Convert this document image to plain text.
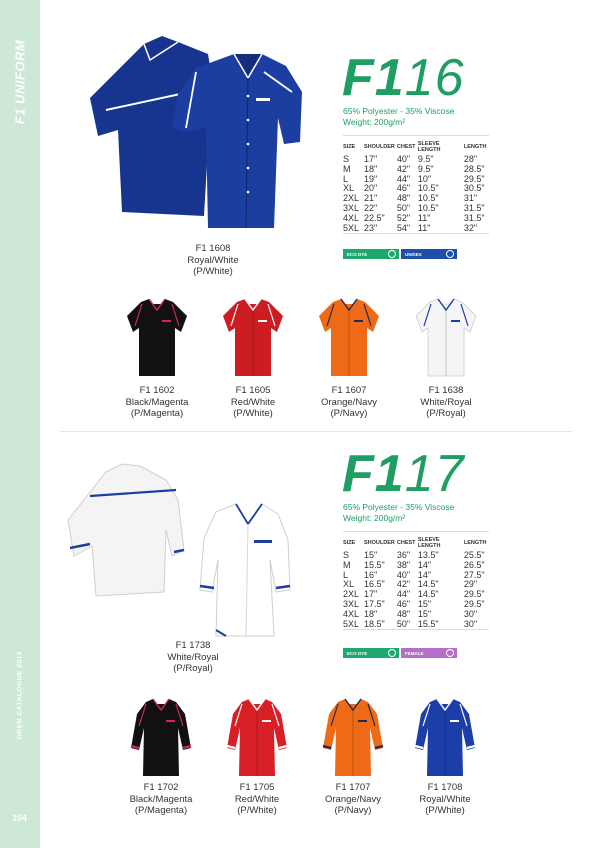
F1 UNIFORM
OREN CATALOGUE 2018
104
F116
65% Polyester - 35% Viscose
Weight: 200g/m²
SIZE	SHOULDER	CHEST	SLEEVE LENGTH	LENGTH
S	17"	40"	9.5"	28"
M	18"	42"	9.5"	28.5"
L	19"	44"	10"	29.5"
XL	20"	46"	10.5"	30.5"
2XL	21"	48"	10.5"	31"
3XL	22"	50"	10.5"	31.5"
4XL	22.5"	52"	11"	31.5"
5XL	23"	54"	11"	32"
ECO DYE	UNISEX
F1 1608
Royal/White
(P/White)
F1 1602
Black/Magenta
(P/Magenta)
F1 1605
Red/White
(P/White)
F1 1607
Orange/Navy
(P/Navy)
F1 1638
White/Royal
(P/Royal)
F117
65% Polyester - 35% Viscose
Weight: 200g/m²
SIZE	SHOULDER	CHEST	SLEEVE LENGTH	LENGTH
S	15"	36"	13.5"	25.5"
M	15.5"	38"	14"	26.5"
L	16"	40"	14"	27.5"
XL	16.5"	42"	14.5"	29"
2XL	17"	44"	14.5"	29.5"
3XL	17.5"	46"	15"	29.5"
4XL	18"	48"	15"	30"
5XL	18.5"	50"	15.5"	30"
ECO DYE	FEMALE
F1 1738
White/Royal
(P/Royal)
F1 1702
Black/Magenta
(P/Magenta)
F1 1705
Red/White
(P/White)
F1 1707
Orange/Navy
(P/Navy)
F1 1708
Royal/White
(P/White)
